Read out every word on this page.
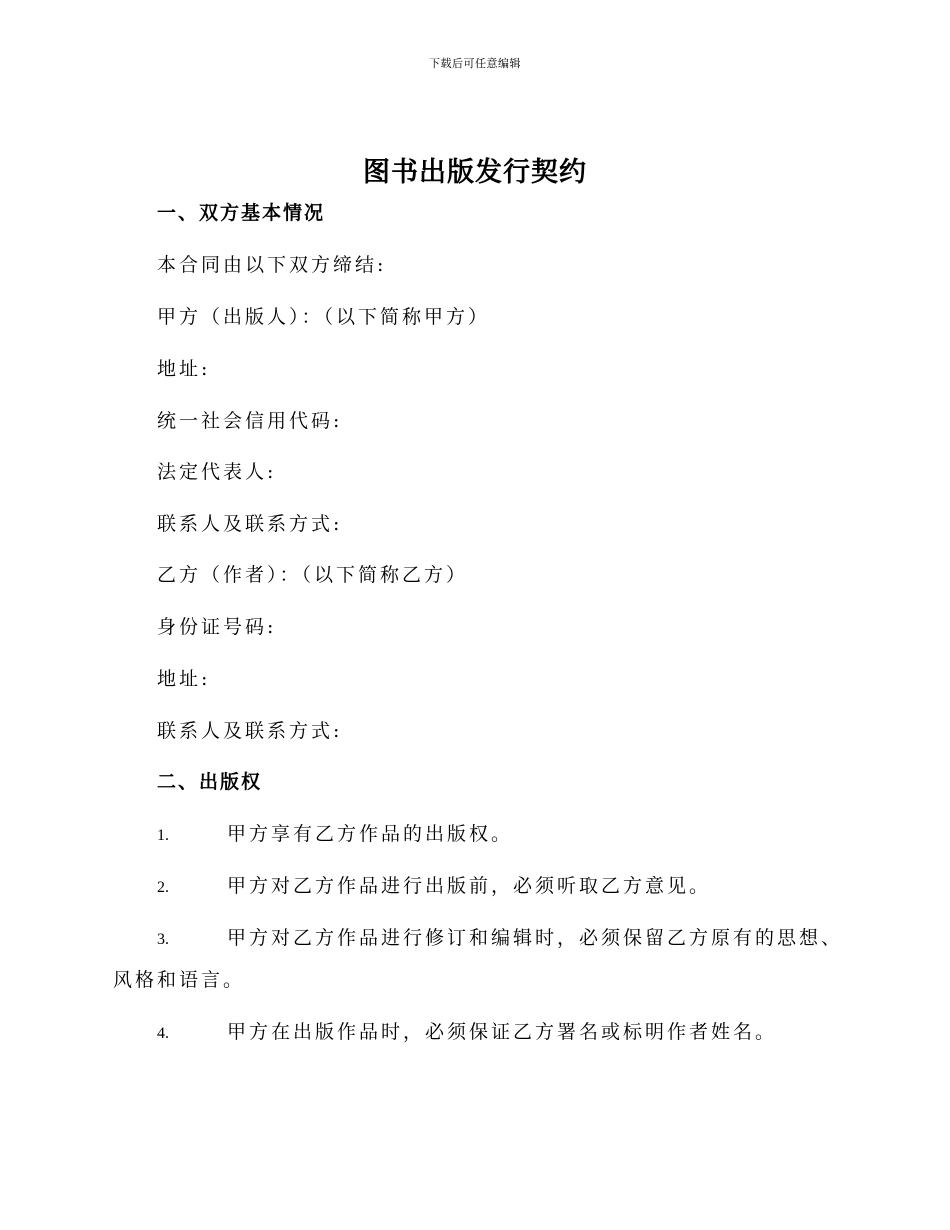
下载后可任意编辑
图书出版发行契约
一、双方基本情况
本合同由以下双方缔结:
甲方（出版人）：（以下简称甲方）
地址:
统一社会信用代码:
法定代表人:
联系人及联系方式:
乙方（作者）：（以下简称乙方）
身份证号码:
地址:
联系人及联系方式:
二、出版权
1.	甲方享有乙方作品的出版权。
2.	甲方对乙方作品进行出版前，必须听取乙方意见。
3.	甲方对乙方作品进行修订和编辑时，必须保留乙方原有的思想、
风格和语言。
4.	甲方在出版作品时，必须保证乙方署名或标明作者姓名。
